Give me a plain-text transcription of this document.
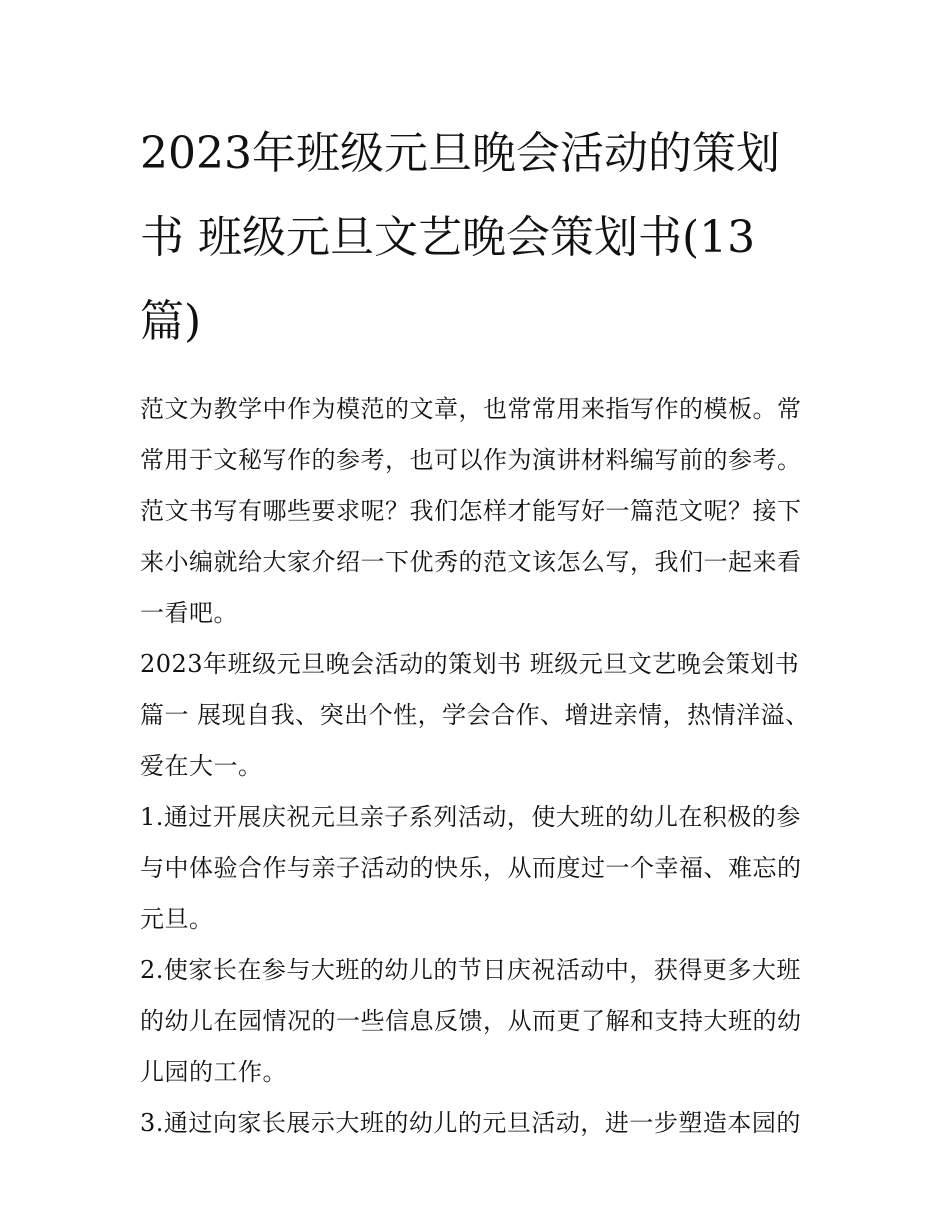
2023年班级元旦晚会活动的策划书 班级元旦文艺晚会策划书(13篇)

范文为教学中作为模范的文章，也常常用来指写作的模板。常常用于文秘写作的参考，也可以作为演讲材料编写前的参考。范文书写有哪些要求呢？我们怎样才能写好一篇范文呢？接下来小编就给大家介绍一下优秀的范文该怎么写，我们一起来看一看吧。

2023年班级元旦晚会活动的策划书 班级元旦文艺晚会策划书篇一 展现自我、突出个性，学会合作、增进亲情，热情洋溢、爱在大一。

1.通过开展庆祝元旦亲子系列活动，使大班的幼儿在积极的参与中体验合作与亲子活动的快乐，从而度过一个幸福、难忘的元旦。

2.使家长在参与大班的幼儿的节日庆祝活动中，获得更多大班的幼儿在园情况的一些信息反馈，从而更了解和支持大班的幼儿园的工作。

3.通过向家长展示大班的幼儿的元旦活动，进一步塑造本园的
